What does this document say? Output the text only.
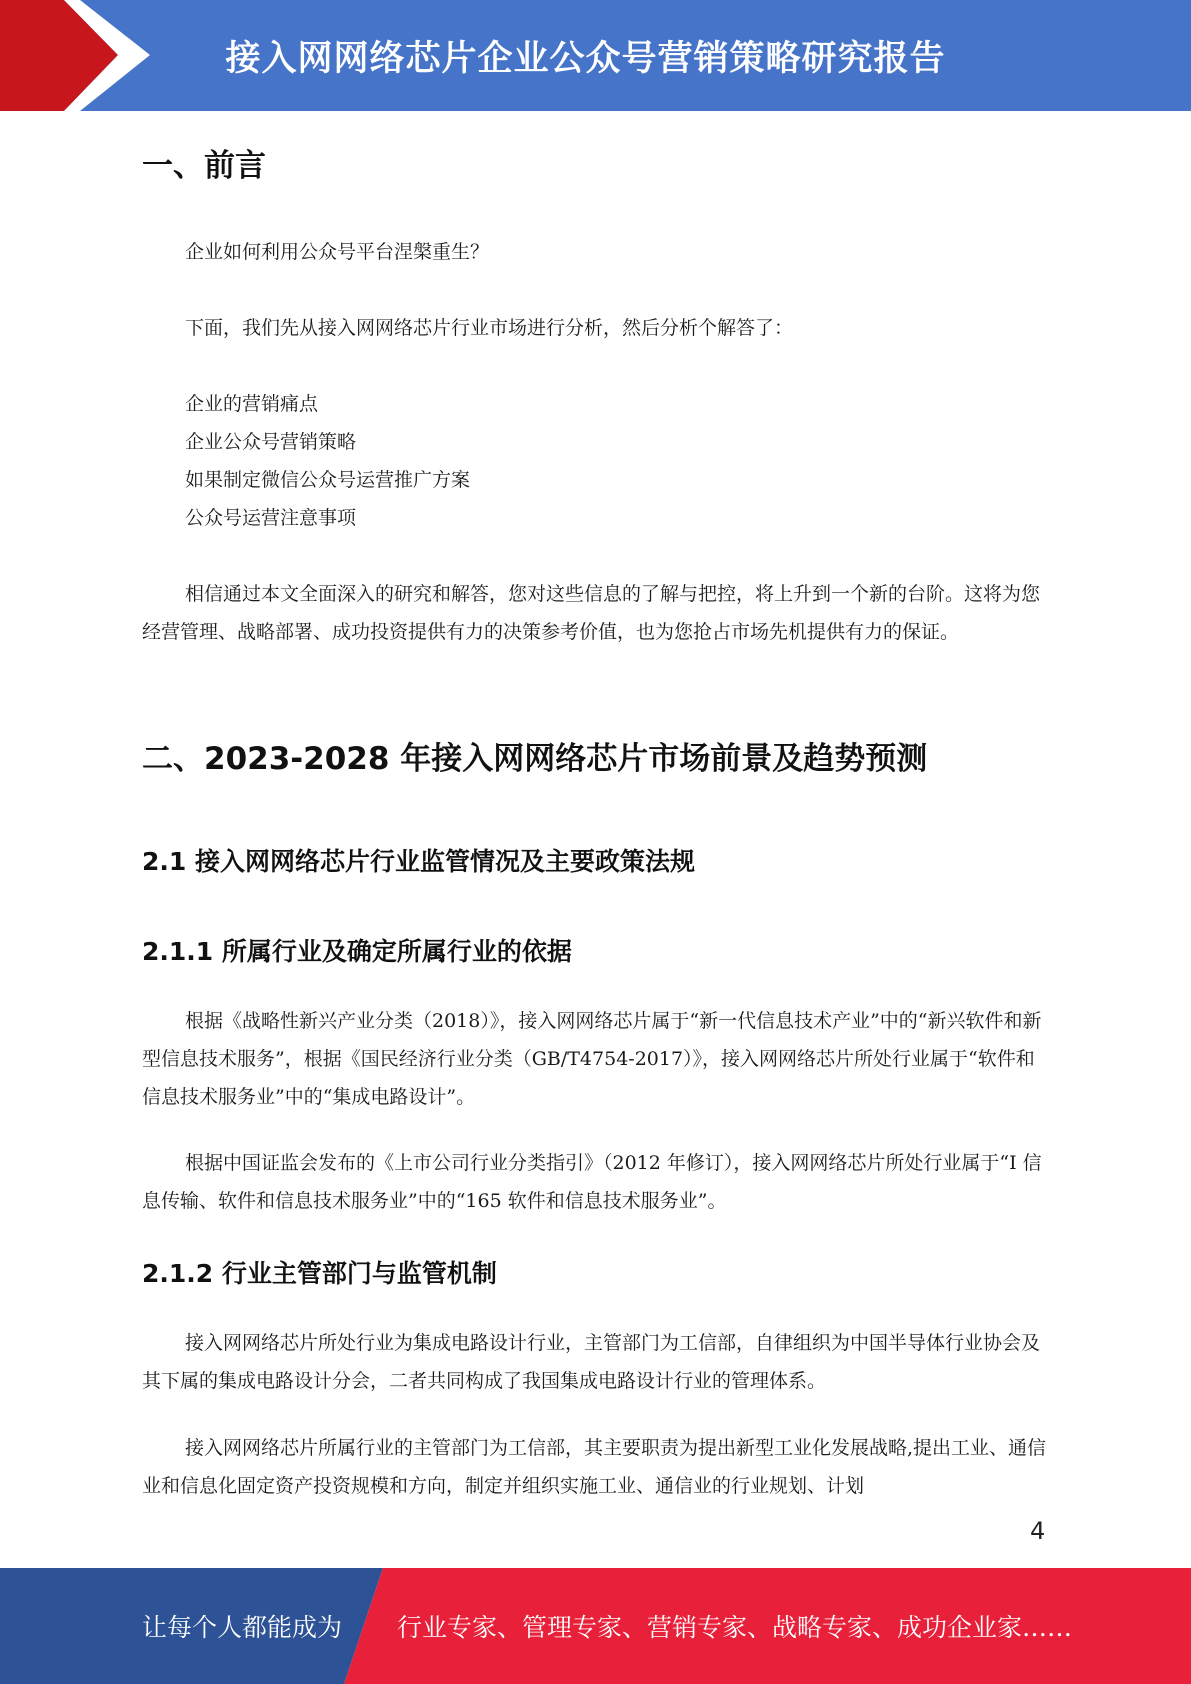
接入网网络芯片企业公众号营销策略研究报告
一、前言

企业如何利用公众号平台涅槃重生？

下面，我们先从接入网网络芯片行业市场进行分析，然后分析个解答了：

企业的营销痛点
企业公众号营销策略
如果制定微信公众号运营推广方案
公众号运营注意事项

相信通过本文全面深入的研究和解答，您对这些信息的了解与把控，将上升到一个新的台阶。这将为您经营管理、战略部署、成功投资提供有力的决策参考价值，也为您抢占市场先机提供有力的保证。

二、2023-2028 年接入网网络芯片市场前景及趋势预测
2.1 接入网网络芯片行业监管情况及主要政策法规
2.1.1 所属行业及确定所属行业的依据

根据《战略性新兴产业分类（2018）》，接入网网络芯片属于“新一代信息技术产业”中的“新兴软件和新型信息技术服务”，根据《国民经济行业分类（GB/T4754-2017）》，接入网网络芯片所处行业属于“软件和信息技术服务业”中的“集成电路设计”。

根据中国证监会发布的《上市公司行业分类指引》（2012 年修订），接入网网络芯片所处行业属于“I 信息传输、软件和信息技术服务业”中的“165 软件和信息技术服务业”。

2.1.2 行业主管部门与监管机制

接入网网络芯片所处行业为集成电路设计行业，主管部门为工信部，自律组织为中国半导体行业协会及其下属的集成电路设计分会，二者共同构成了我国集成电路设计行业的管理体系。

接入网网络芯片所属行业的主管部门为工信部，其主要职责为提出新型工业化发展战略,提出工业、通信业和信息化固定资产投资规模和方向，制定并组织实施工业、通信业的行业规划、计划

4
让每个人都能成为 行业专家、管理专家、营销专家、战略专家、成功企业家……
